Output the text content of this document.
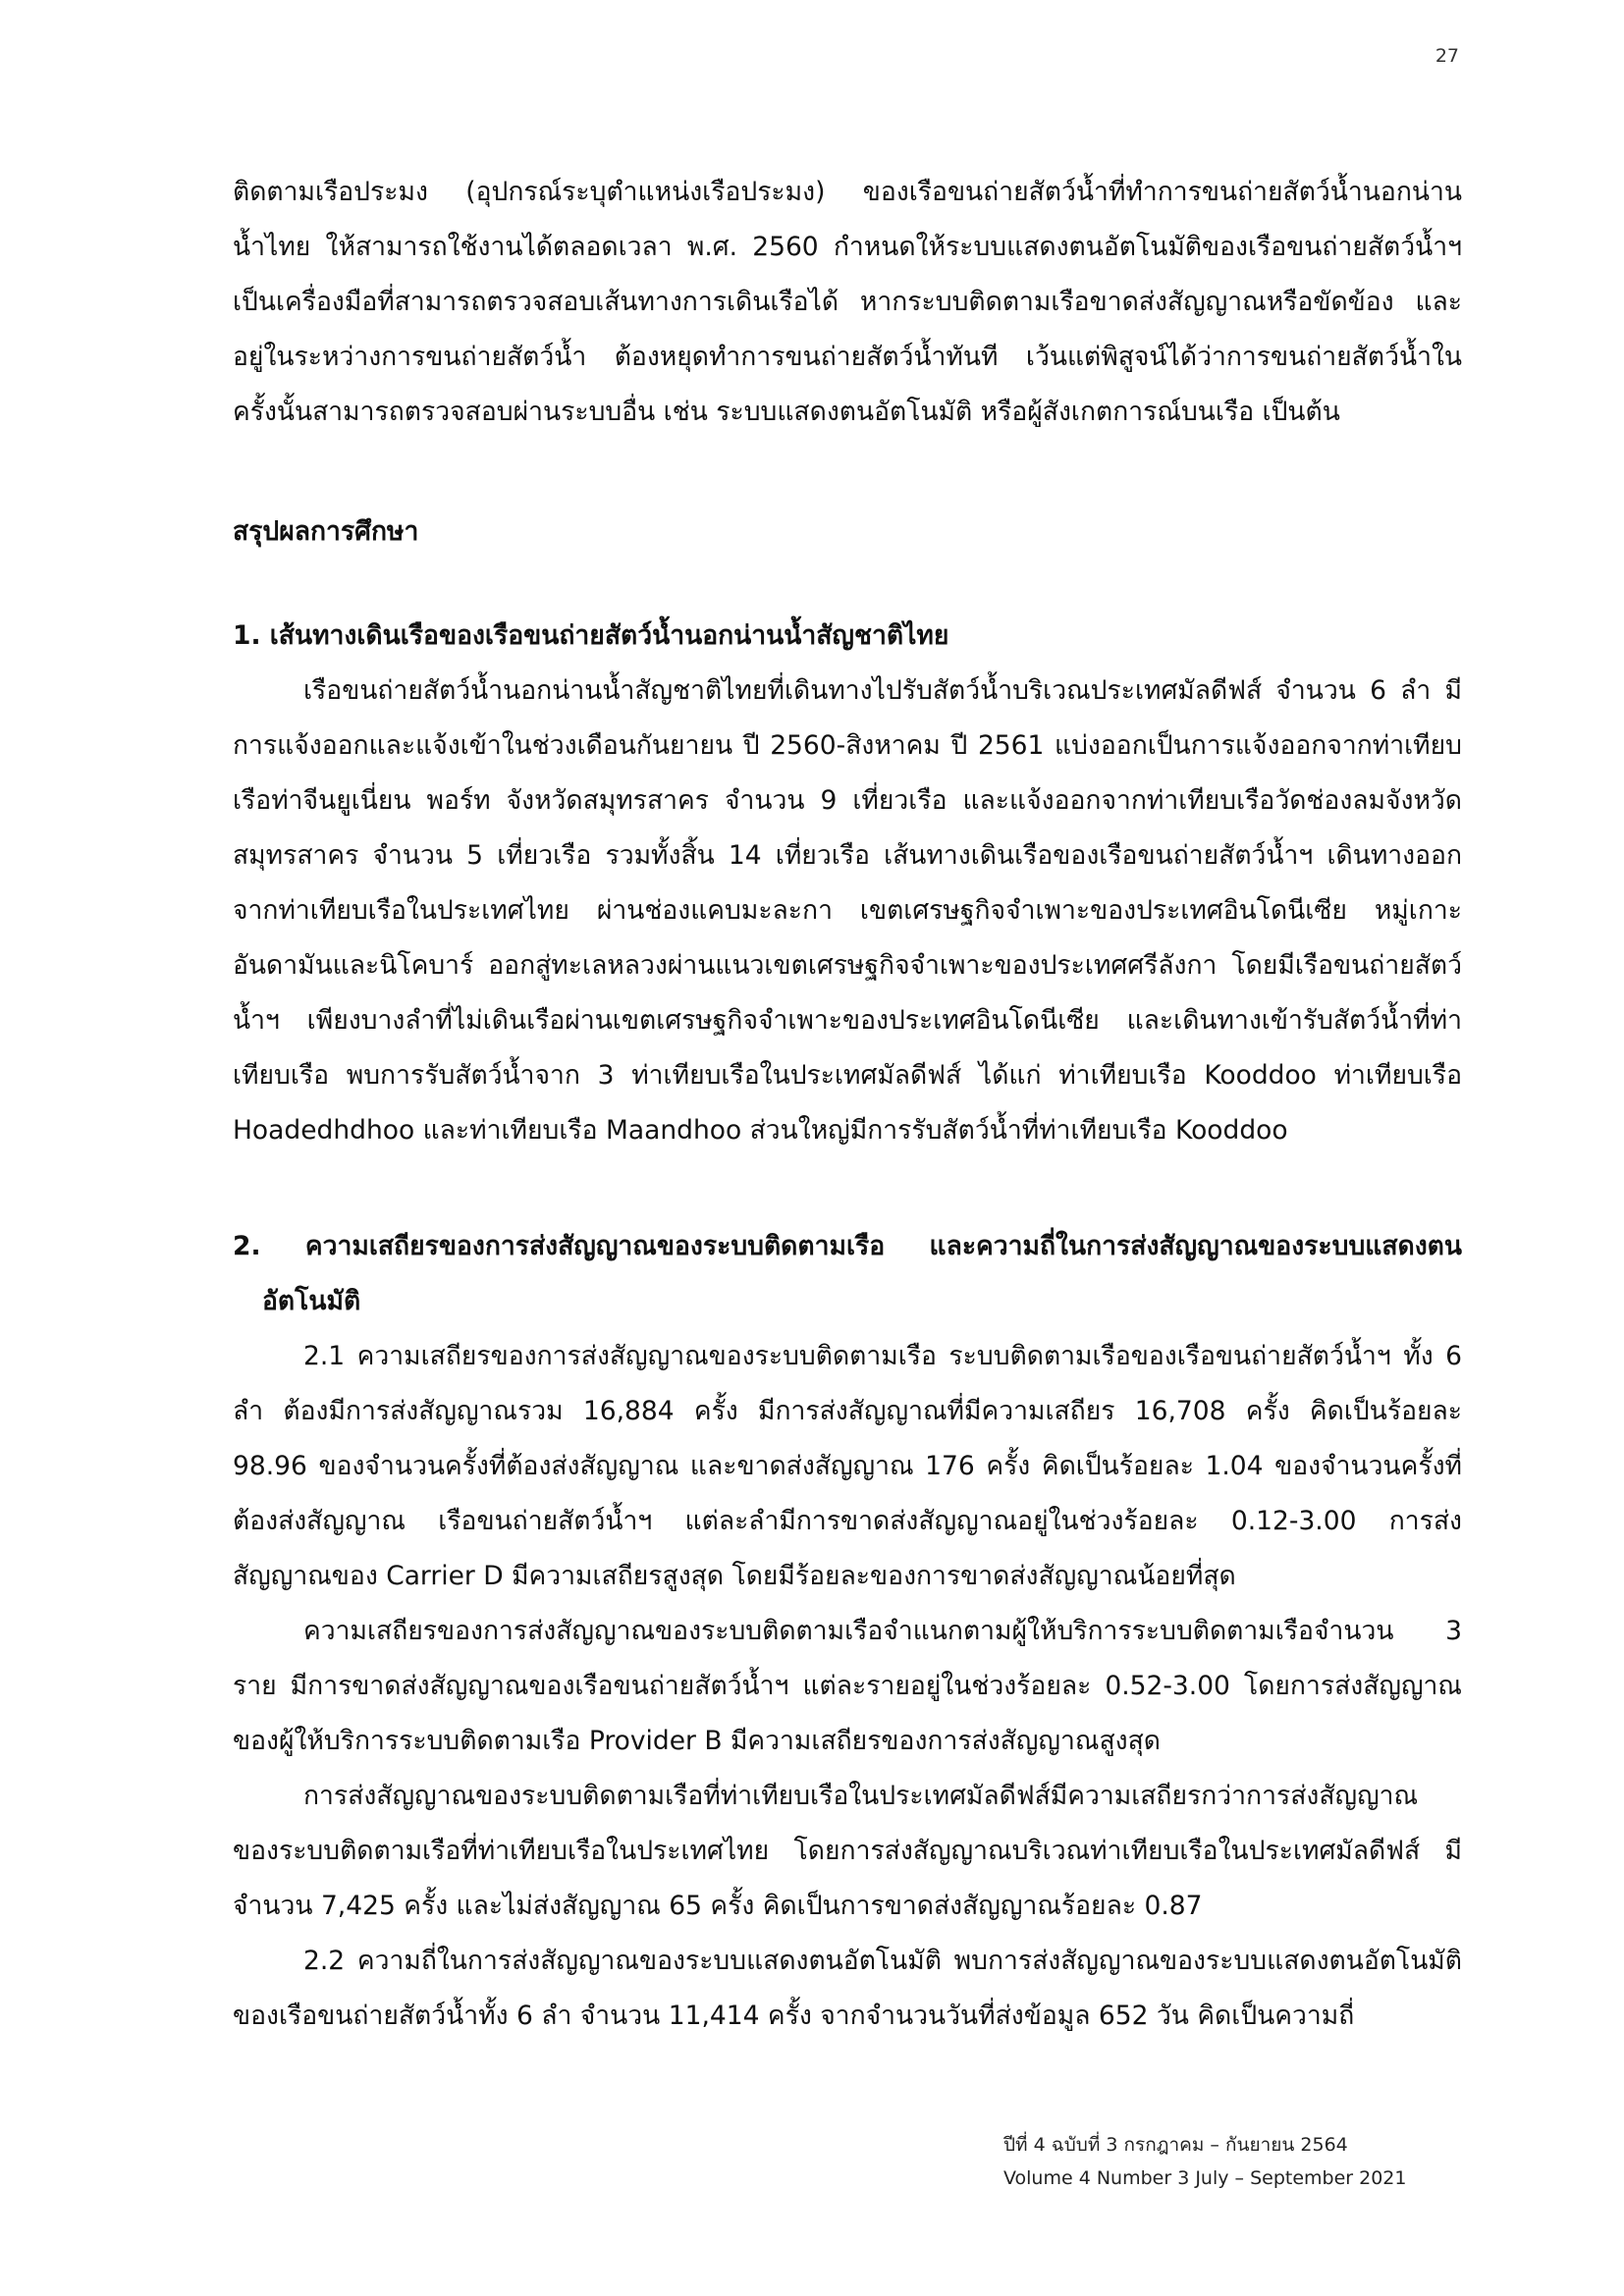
27

ติดตามเรือประมง (อุปกรณ์ระบุตำแหน่งเรือประมง) ของเรือขนถ่ายสัตว์น้ำที่ทำการขนถ่ายสัตว์น้ำนอกน่านน้ำไทย ให้สามารถใช้งานได้ตลอดเวลา พ.ศ. 2560 กำหนดให้ระบบแสดงตนอัตโนมัติของเรือขนถ่ายสัตว์น้ำฯ เป็นเครื่องมือที่สามารถตรวจสอบเส้นทางการเดินเรือได้ หากระบบติดตามเรือขาดส่งสัญญาณหรือขัดข้อง และอยู่ในระหว่างการขนถ่ายสัตว์น้ำ ต้องหยุดทำการขนถ่ายสัตว์น้ำทันที เว้นแต่พิสูจน์ได้ว่าการขนถ่ายสัตว์น้ำในครั้งนั้นสามารถตรวจสอบผ่านระบบอื่น เช่น ระบบแสดงตนอัตโนมัติ หรือผู้สังเกตการณ์บนเรือ เป็นต้น

สรุปผลการศึกษา

1. เส้นทางเดินเรือของเรือขนถ่ายสัตว์น้ำนอกน่านน้ำสัญชาติไทย

เรือขนถ่ายสัตว์น้ำนอกน่านน้ำสัญชาติไทยที่เดินทางไปรับสัตว์น้ำบริเวณประเทศมัลดีฟส์ จำนวน 6 ลำ มีการแจ้งออกและแจ้งเข้าในช่วงเดือนกันยายน ปี 2560-สิงหาคม ปี 2561 แบ่งออกเป็นการแจ้งออกจากท่าเทียบเรือท่าจีนยูเนี่ยน พอร์ท จังหวัดสมุทรสาคร จำนวน 9 เที่ยวเรือ และแจ้งออกจากท่าเทียบเรือวัดช่องลมจังหวัดสมุทรสาคร จำนวน 5 เที่ยวเรือ รวมทั้งสิ้น 14 เที่ยวเรือ เส้นทางเดินเรือของเรือขนถ่ายสัตว์น้ำฯ เดินทางออกจากท่าเทียบเรือในประเทศไทย ผ่านช่องแคบมะละกา เขตเศรษฐกิจจำเพาะของประเทศอินโดนีเซีย หมู่เกาะอันดามันและนิโคบาร์ ออกสู่ทะเลหลวงผ่านแนวเขตเศรษฐกิจจำเพาะของประเทศศรีลังกา โดยมีเรือขนถ่ายสัตว์น้ำฯ เพียงบางลำที่ไม่เดินเรือผ่านเขตเศรษฐกิจจำเพาะของประเทศอินโดนีเซีย และเดินทางเข้ารับสัตว์น้ำที่ท่าเทียบเรือ พบการรับสัตว์น้ำจาก 3 ท่าเทียบเรือในประเทศมัลดีฟส์ ได้แก่ ท่าเทียบเรือ Kooddoo ท่าเทียบเรือ Hoadedhdhoo และท่าเทียบเรือ Maandhoo ส่วนใหญ่มีการรับสัตว์น้ำที่ท่าเทียบเรือ Kooddoo

2. ความเสถียรของการส่งสัญญาณของระบบติดตามเรือ และความถี่ในการส่งสัญญาณของระบบแสดงตนอัตโนมัติ

2.1 ความเสถียรของการส่งสัญญาณของระบบติดตามเรือ ระบบติดตามเรือของเรือขนถ่ายสัตว์น้ำฯ ทั้ง 6 ลำ ต้องมีการส่งสัญญาณรวม 16,884 ครั้ง มีการส่งสัญญาณที่มีความเสถียร 16,708 ครั้ง คิดเป็นร้อยละ 98.96 ของจำนวนครั้งที่ต้องส่งสัญญาณ และขาดส่งสัญญาณ 176 ครั้ง คิดเป็นร้อยละ 1.04 ของจำนวนครั้งที่ต้องส่งสัญญาณ เรือขนถ่ายสัตว์น้ำฯ แต่ละลำมีการขาดส่งสัญญาณอยู่ในช่วงร้อยละ 0.12-3.00 การส่งสัญญาณของ Carrier D มีความเสถียรสูงสุด โดยมีร้อยละของการขาดส่งสัญญาณน้อยที่สุด

ความเสถียรของการส่งสัญญาณของระบบติดตามเรือจำแนกตามผู้ให้บริการระบบติดตามเรือจำนวน 3 ราย มีการขาดส่งสัญญาณของเรือขนถ่ายสัตว์น้ำฯ แต่ละรายอยู่ในช่วงร้อยละ 0.52-3.00 โดยการส่งสัญญาณของผู้ให้บริการระบบติดตามเรือ Provider B มีความเสถียรของการส่งสัญญาณสูงสุด

การส่งสัญญาณของระบบติดตามเรือที่ท่าเทียบเรือในประเทศมัลดีฟส์มีความเสถียรกว่าการส่งสัญญาณของระบบติดตามเรือที่ท่าเทียบเรือในประเทศไทย โดยการส่งสัญญาณบริเวณท่าเทียบเรือในประเทศมัลดีฟส์ มีจำนวน 7,425 ครั้ง และไม่ส่งสัญญาณ 65 ครั้ง คิดเป็นการขาดส่งสัญญาณร้อยละ 0.87

2.2 ความถี่ในการส่งสัญญาณของระบบแสดงตนอัตโนมัติ พบการส่งสัญญาณของระบบแสดงตนอัตโนมัติของเรือขนถ่ายสัตว์น้ำทั้ง 6 ลำ จำนวน 11,414 ครั้ง จากจำนวนวันที่ส่งข้อมูล 652 วัน คิดเป็นความถี่

ปีที่ 4 ฉบับที่ 3 กรกฎาคม – กันยายน 2564
Volume 4 Number 3 July – September 2021
